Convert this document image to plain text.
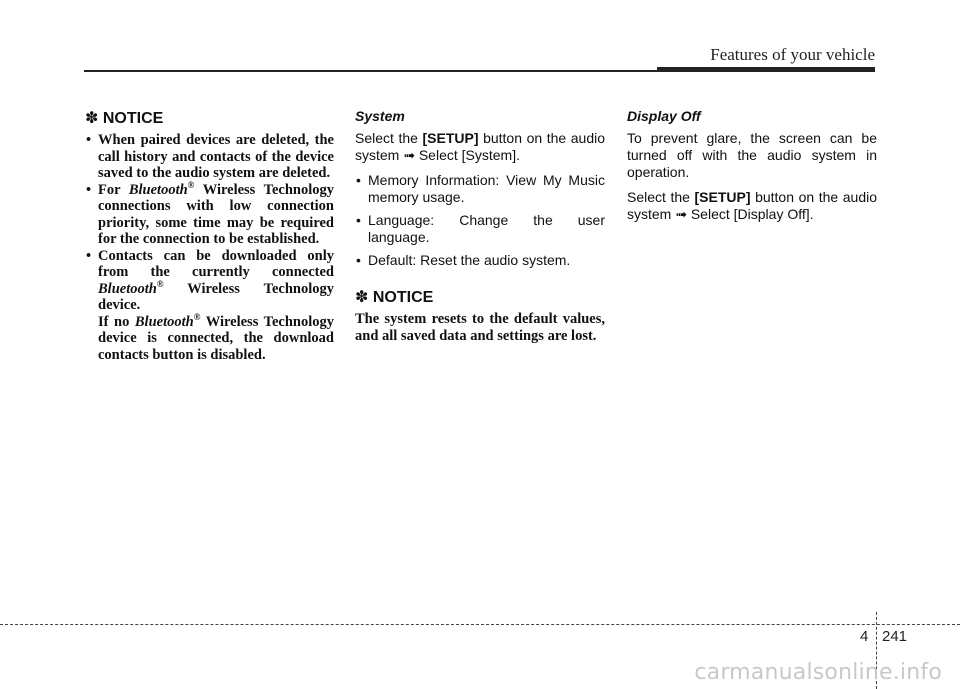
Features of your vehicle
✽ NOTICE
• When paired devices are deleted, the call history and contacts of the device saved to the audio system are deleted.
• For Bluetooth® Wireless Technology connections with low connection priority, some time may be required for the connection to be established.
• Contacts can be downloaded only from the currently connected Bluetooth® Wireless Technology device.
If no Bluetooth® Wireless Technology device is connected, the download contacts button is disabled.
System

Select the [SETUP] button on the audio system ➟ Select [System].

• Memory Information: View My Music memory usage.
• Language: Change the user language.
• Default: Reset the audio system.
✽ NOTICE
The system resets to the default values, and all saved data and settings are lost.
Display Off

To prevent glare, the screen can be turned off with the audio system in operation.

Select the [SETUP] button on the audio system ➟ Select [Display Off].

4 241
carmanualsonline.info
